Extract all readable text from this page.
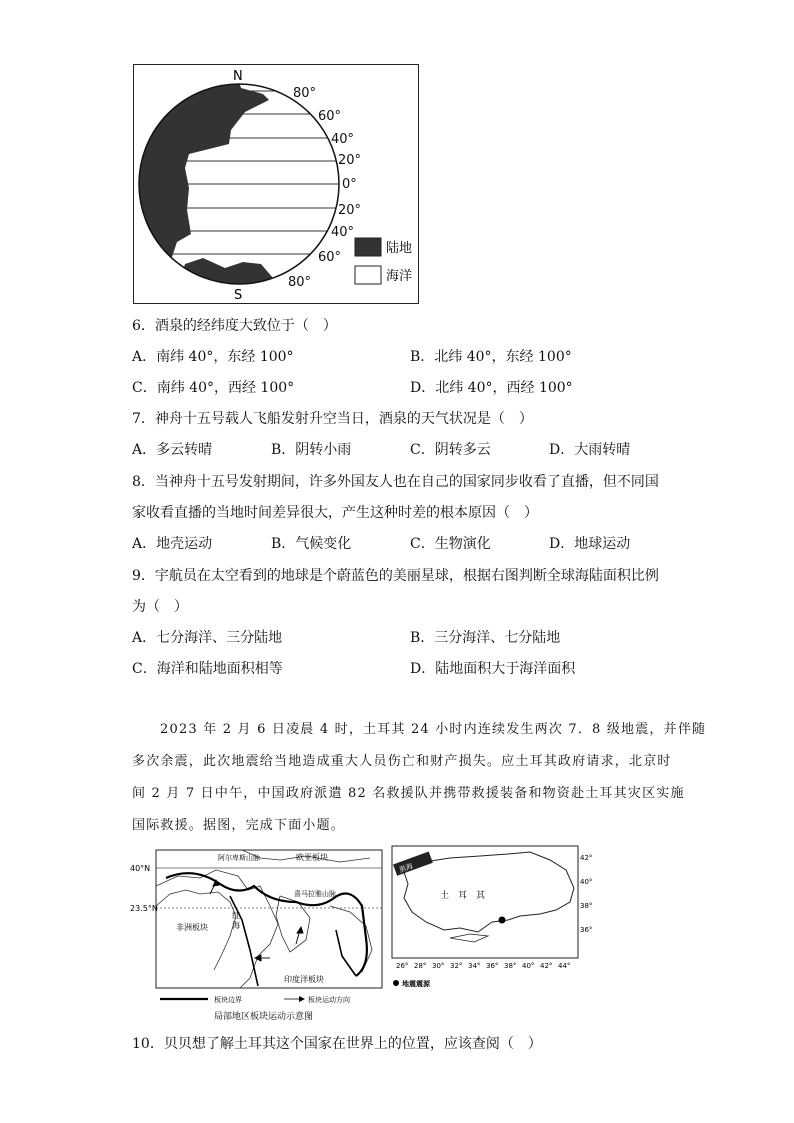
N
S
80°
60°
40°
20°
0°
20°
40°
60°
80°
陆地
海洋
6．酒泉的经纬度大致位于（　）
A．南纬 40°，东经 100°	B．北纬 40°，东经 100°
C．南纬 40°，西经 100°	D．北纬 40°，西经 100°
7．神舟十五号载人飞船发射升空当日，酒泉的天气状况是（　）
A．多云转晴	B．阴转小雨	C．阴转多云	D．大雨转晴
8．当神舟十五号发射期间，许多外国友人也在自己的国家同步收看了直播，但不同国
家收看直播的当地时间差异很大，产生这种时差的根本原因（　）
A．地壳运动	B．气候变化	C．生物演化	D．地球运动
9．宇航员在太空看到的地球是个蔚蓝色的美丽星球，根据右图判断全球海陆面积比例
为（　）
A．七分海洋、三分陆地	B．三分海洋、七分陆地
C．海洋和陆地面积相等	D．陆地面积大于海洋面积
2023 年 2 月 6 日凌晨 4 时，土耳其 24 小时内连续发生两次 7．8 级地震，并伴随
多次余震，此次地震给当地造成重大人员伤亡和财产损失。应土耳其政府请求，北京时
间 2 月 7 日中午，中国政府派遣 82 名救援队并携带救援装备和物资赴土耳其灾区实施
国际救援。据图，完成下面小题。
40°N
23.5°N
阿尔卑斯山脉	欧亚板块
喜马拉雅山脉
红
海
非洲板块
印度洋板块
板块边界	板块运动方向
局部地区板块运动示意图
黑海
土　耳　其
42°
40°
38°
36°
26° 28° 30° 32° 34° 36° 38° 40° 42° 44°
地震震源
10．贝贝想了解土耳其这个国家在世界上的位置，应该查阅（　）
